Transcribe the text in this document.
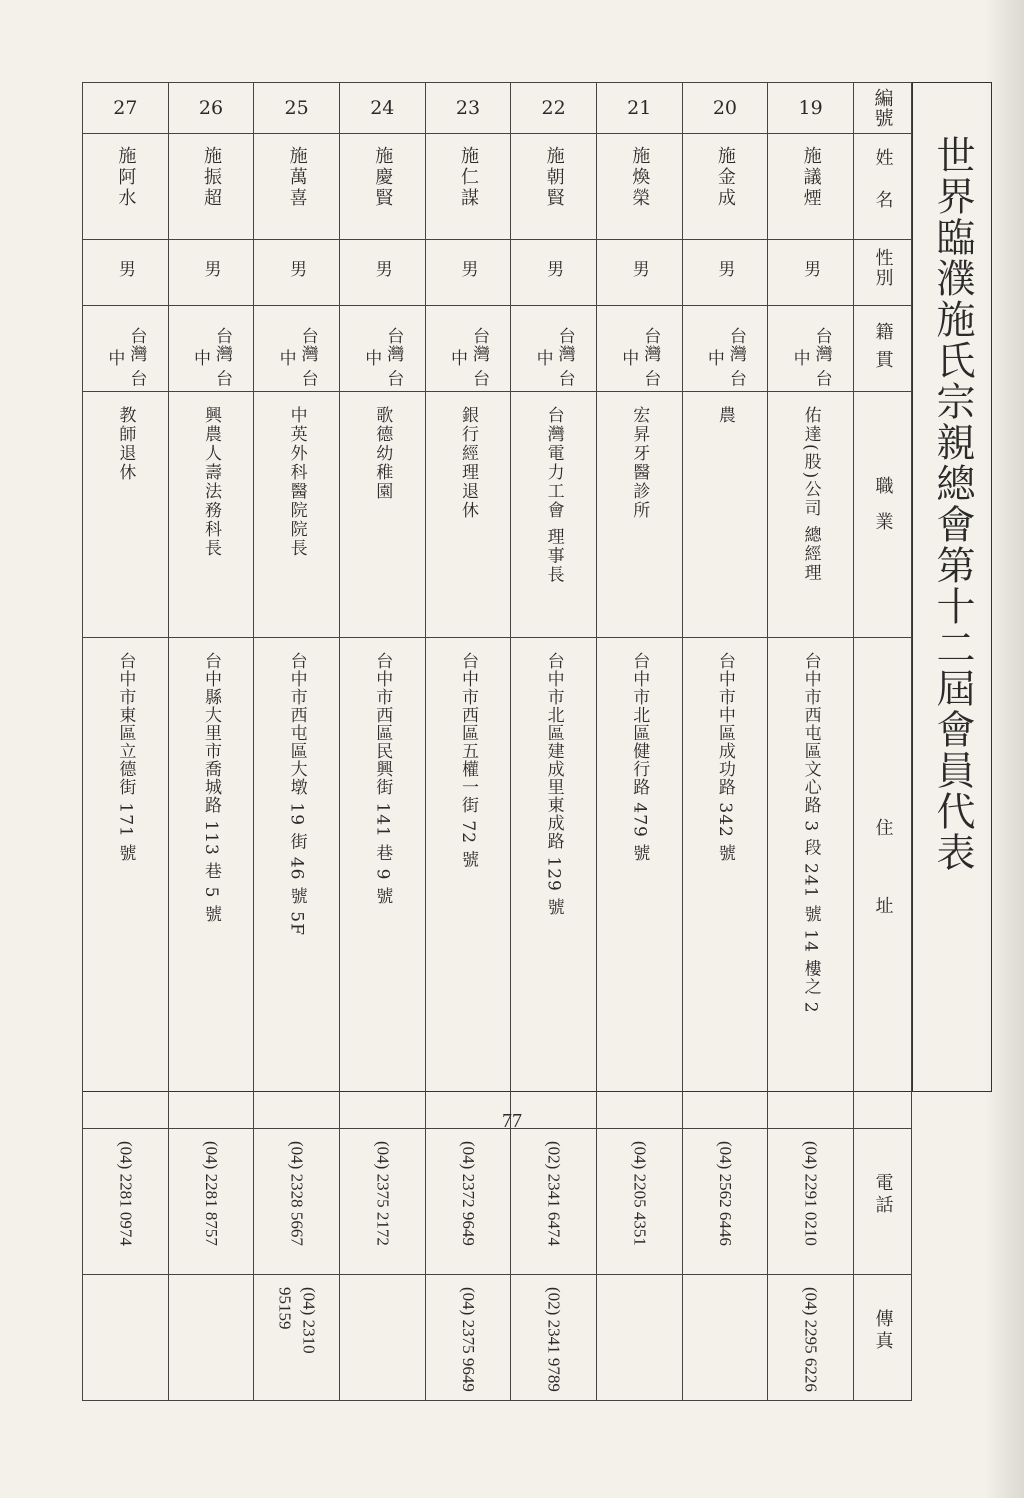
世界臨濮施氏宗親總會第十二屆會員代表
27	26	25	24	23	22	21	20	19	編號

施阿水	施振超	施萬喜	施慶賢	施仁謀	施朝賢	施煥榮	施金成	施議煙	姓名

男	男	男	男	男	男	男	男	男	性別

台灣 台中	台灣 台中	台灣 台中	台灣 台中	台灣 台中	台灣 台中	台灣 台中	台灣 台中	台灣 台中	籍貫

教師退休	興農人壽法務科長	中英外科醫院院長	歌德幼稚園	銀行經理退休	台灣電力工會 理事長	宏昇牙醫診所	農	佑達(股)公司 總經理	職業

台中市東區立德街 171 號	台中縣大里市喬城路 113 巷 5 號	台中市西屯區大墩 19 街 46 號 5F	台中市西區民興街 141 巷 9 號	台中市西區五權一街 72 號	台中市北區建成里東成路 129 號	台中市北區健行路 479 號	台中市中區成功路 342 號	台中市西屯區文心路 3 段 241 號 14 樓之 2	住址

(04) 2281 0974	(04) 2281 8757	(04) 2328 5667	(04) 2375 2172	(04) 2372 9649	(02) 2341 6474	(04) 2205 4351	(04) 2562 6446	(04) 2291 0210	電話

		(04) 2310 95159		(04) 2375 9649	(02) 2341 9789			(04) 2295 6226	傳真
77
